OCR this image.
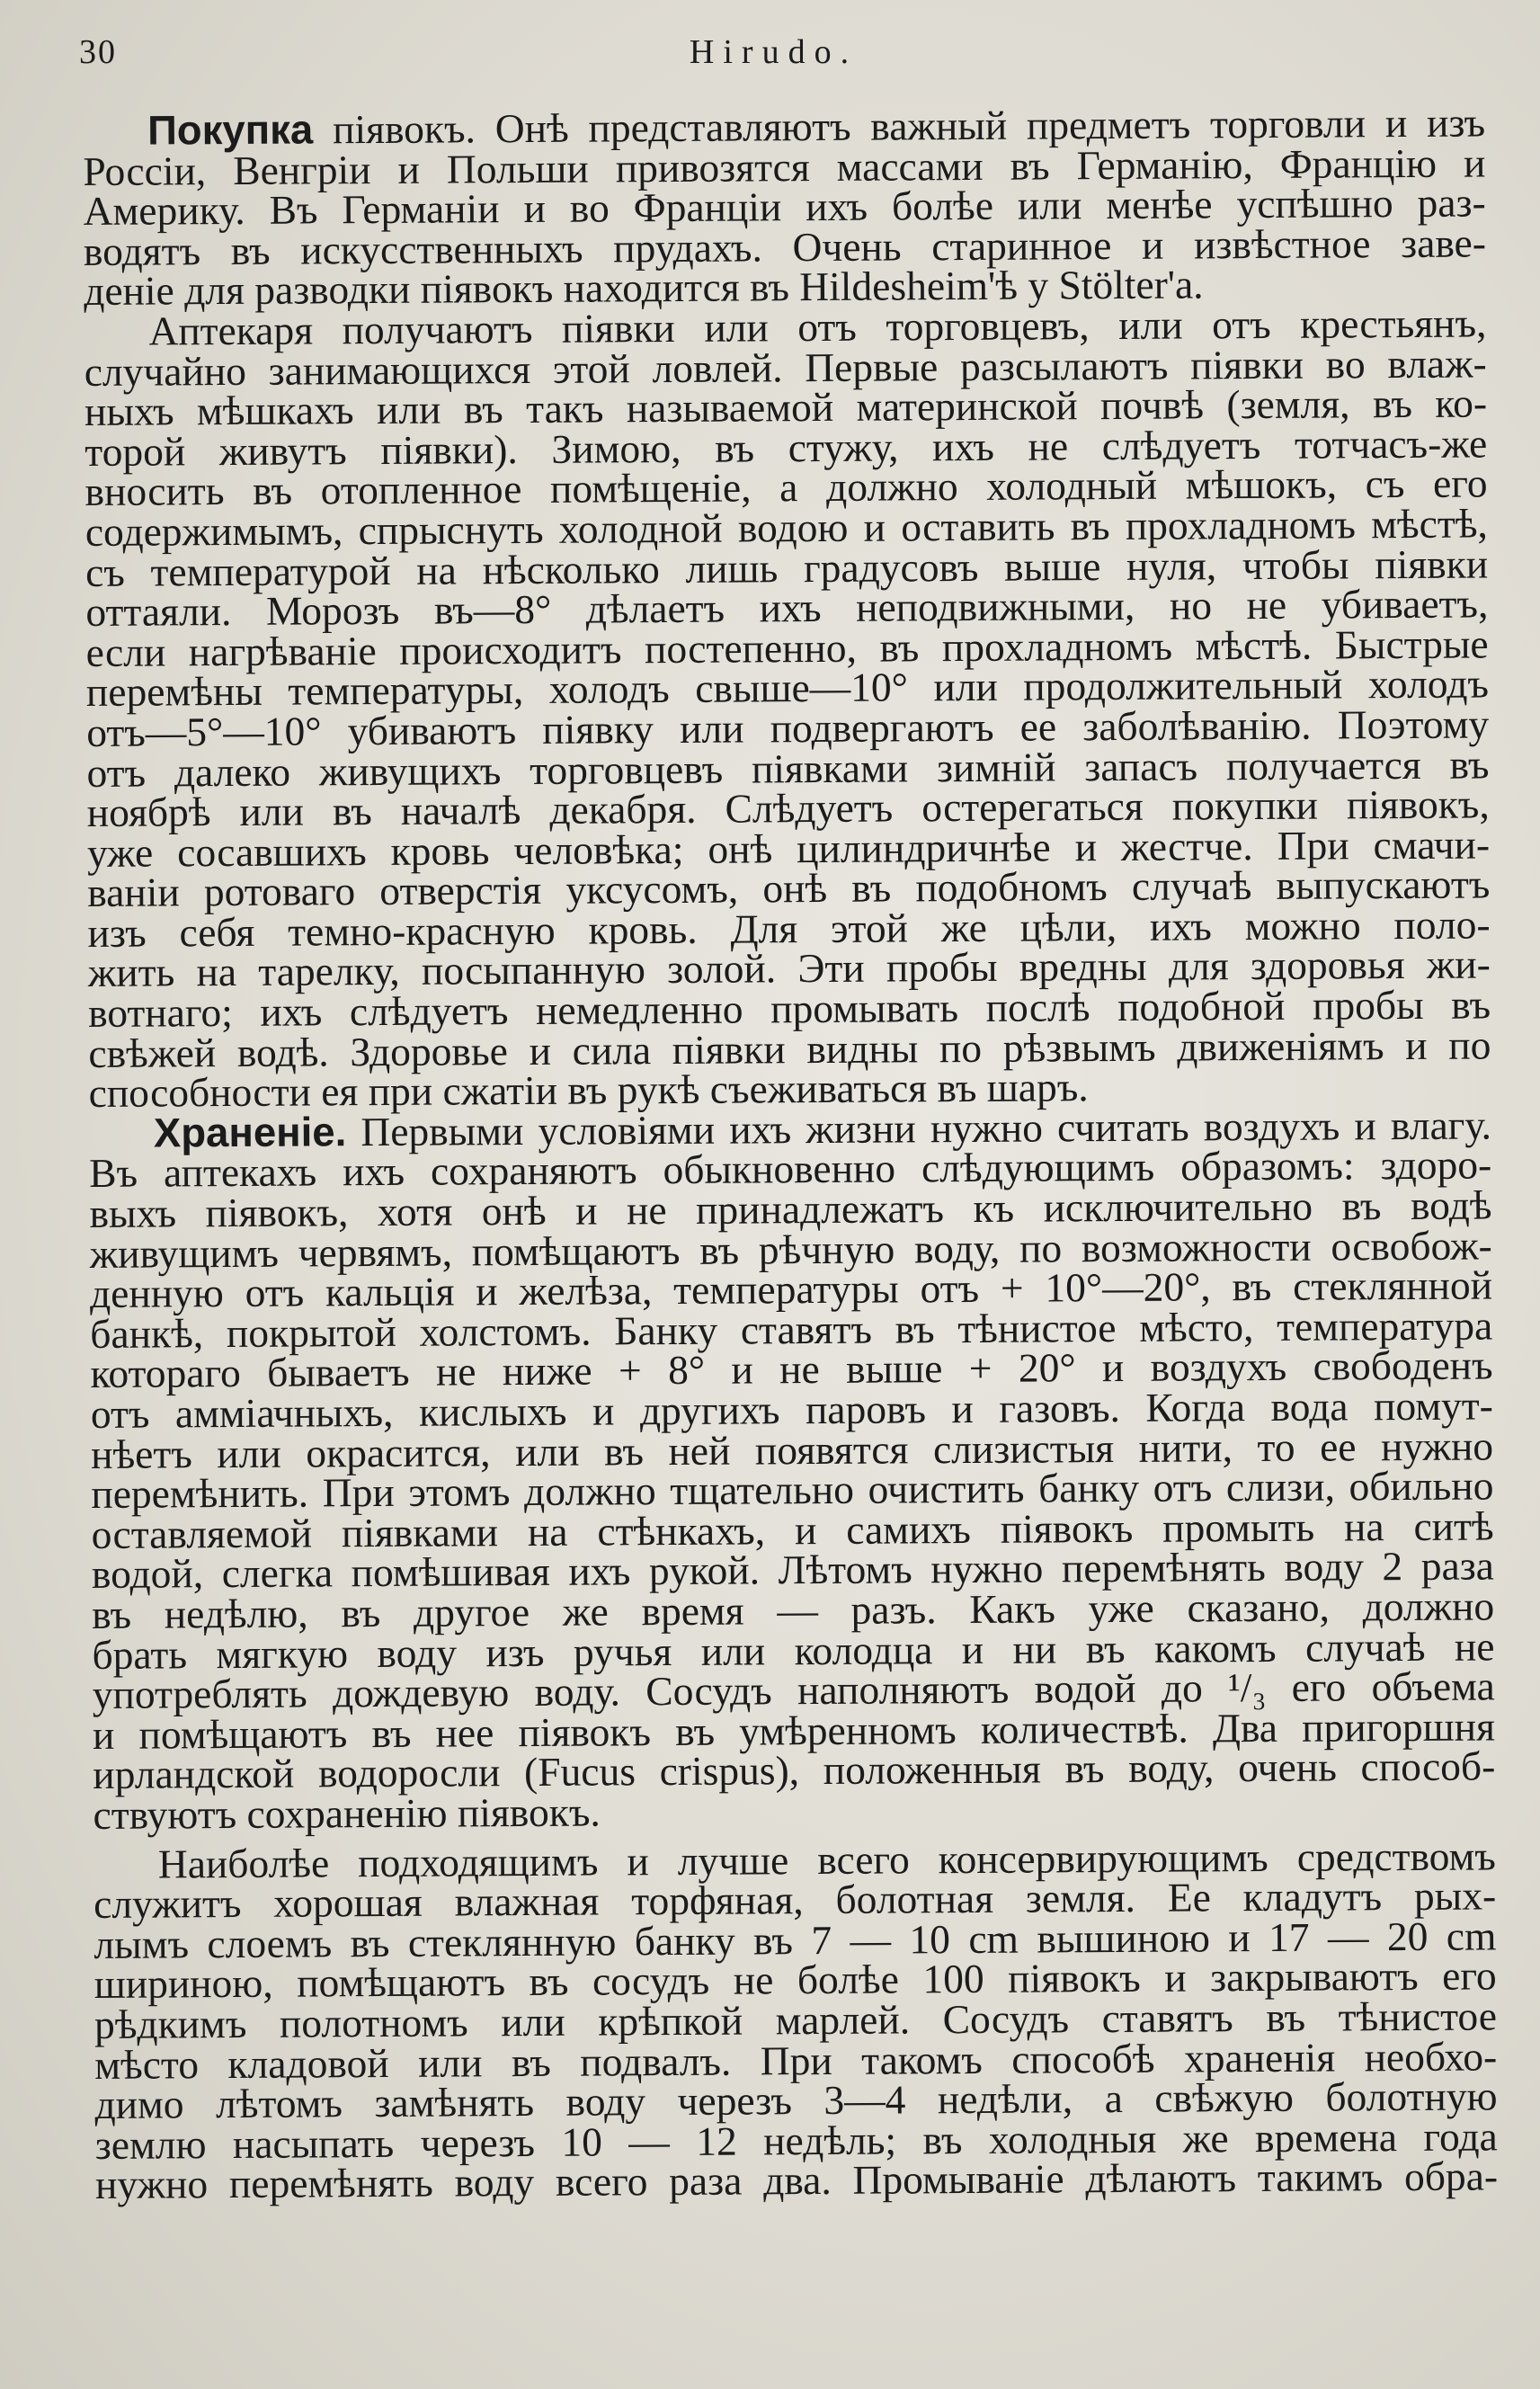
30	Hirudo.
Покупка піявокъ. Онѣ представляютъ важный предметъ торговли и изъ
Россіи, Венгріи и Польши привозятся массами въ Германію, Францію и
Америку. Въ Германіи и во Франціи ихъ болѣе или менѣе успѣшно раз-
водятъ въ искусственныхъ прудахъ. Очень старинное и извѣстное заве-
деніе для разводки піявокъ находится въ Hildesheim'ѣ у Stölter'a.
Аптекаря получаютъ піявки или отъ торговцевъ, или отъ крестьянъ,
случайно занимающихся этой ловлей. Первые разсылаютъ піявки во влаж-
ныхъ мѣшкахъ или въ такъ называемой материнской почвѣ (земля, въ ко-
торой живутъ піявки). Зимою, въ стужу, ихъ не слѣдуетъ тотчасъ-же
вносить въ отопленное помѣщеніе, а должно холодный мѣшокъ, съ его
содержимымъ, спрыснуть холодной водою и оставить въ прохладномъ мѣстѣ,
съ температурой на нѣсколько лишь градусовъ выше нуля, чтобы піявки
оттаяли. Морозъ въ—8° дѣлаетъ ихъ неподвижными, но не убиваетъ,
если нагрѣваніе происходитъ постепенно, въ прохладномъ мѣстѣ. Быстрые
перемѣны температуры, холодъ свыше—10° или продолжительный холодъ
отъ—5°—10° убиваютъ піявку или подвергаютъ ее заболѣванію. Поэтому
отъ далеко живущихъ торговцевъ піявками зимній запасъ получается въ
ноябрѣ или въ началѣ декабря. Слѣдуетъ остерегаться покупки піявокъ,
уже сосавшихъ кровь человѣка; онѣ цилиндричнѣе и жестче. При смачи-
ваніи ротоваго отверстія уксусомъ, онѣ въ подобномъ случаѣ выпускаютъ
изъ себя темно-красную кровь. Для этой же цѣли, ихъ можно поло-
жить на тарелку, посыпанную золой. Эти пробы вредны для здоровья жи-
вотнаго; ихъ слѣдуетъ немедленно промывать послѣ подобной пробы въ
свѣжей водѣ. Здоровье и сила піявки видны по рѣзвымъ движеніямъ и по
способности ея при сжатіи въ рукѣ съеживаться въ шаръ.
Храненіе. Первыми условіями ихъ жизни нужно считать воздухъ и влагу.
Въ аптекахъ ихъ сохраняютъ обыкновенно слѣдующимъ образомъ: здоро-
выхъ піявокъ, хотя онѣ и не принадлежатъ къ исключительно въ водѣ
живущимъ червямъ, помѣщаютъ въ рѣчную воду, по возможности освобож-
денную отъ кальція и желѣза, температуры отъ + 10°—20°, въ стеклянной
банкѣ, покрытой холстомъ. Банку ставятъ въ тѣнистое мѣсто, температура
котораго бываетъ не ниже + 8° и не выше + 20° и воздухъ свободенъ
отъ амміачныхъ, кислыхъ и другихъ паровъ и газовъ. Когда вода помут-
нѣетъ или окрасится, или въ ней появятся слизистыя нити, то ее нужно
перемѣнить. При этомъ должно тщательно очистить банку отъ слизи, обильно
оставляемой піявками на стѣнкахъ, и самихъ піявокъ промыть на ситѣ
водой, слегка помѣшивая ихъ рукой. Лѣтомъ нужно перемѣнять воду 2 раза
въ недѣлю, въ другое же время — разъ. Какъ уже сказано, должно
брать мягкую воду изъ ручья или колодца и ни въ какомъ случаѣ не
употреблять дождевую воду. Сосудъ наполняютъ водой до ¹/₃ его объема
и помѣщаютъ въ нее піявокъ въ умѣренномъ количествѣ. Два пригоршня
ирландской водоросли (Fucus crispus), положенныя въ воду, очень способ-
ствуютъ сохраненію піявокъ.
Наиболѣе подходящимъ и лучше всего консервирующимъ средствомъ
служитъ хорошая влажная торфяная, болотная земля. Ее кладутъ рых-
лымъ слоемъ въ стеклянную банку въ 7 — 10 cm вышиною и 17 — 20 cm
шириною, помѣщаютъ въ сосудъ не болѣе 100 піявокъ и закрываютъ его
рѣдкимъ полотномъ или крѣпкой марлей. Сосудъ ставятъ въ тѣнистое
мѣсто кладовой или въ подвалъ. При такомъ способѣ храненія необхо-
димо лѣтомъ замѣнять воду черезъ 3—4 недѣли, а свѣжую болотную
землю насыпать черезъ 10 — 12 недѣль; въ холодныя же времена года
нужно перемѣнять воду всего раза два. Промываніе дѣлаютъ такимъ обра-
